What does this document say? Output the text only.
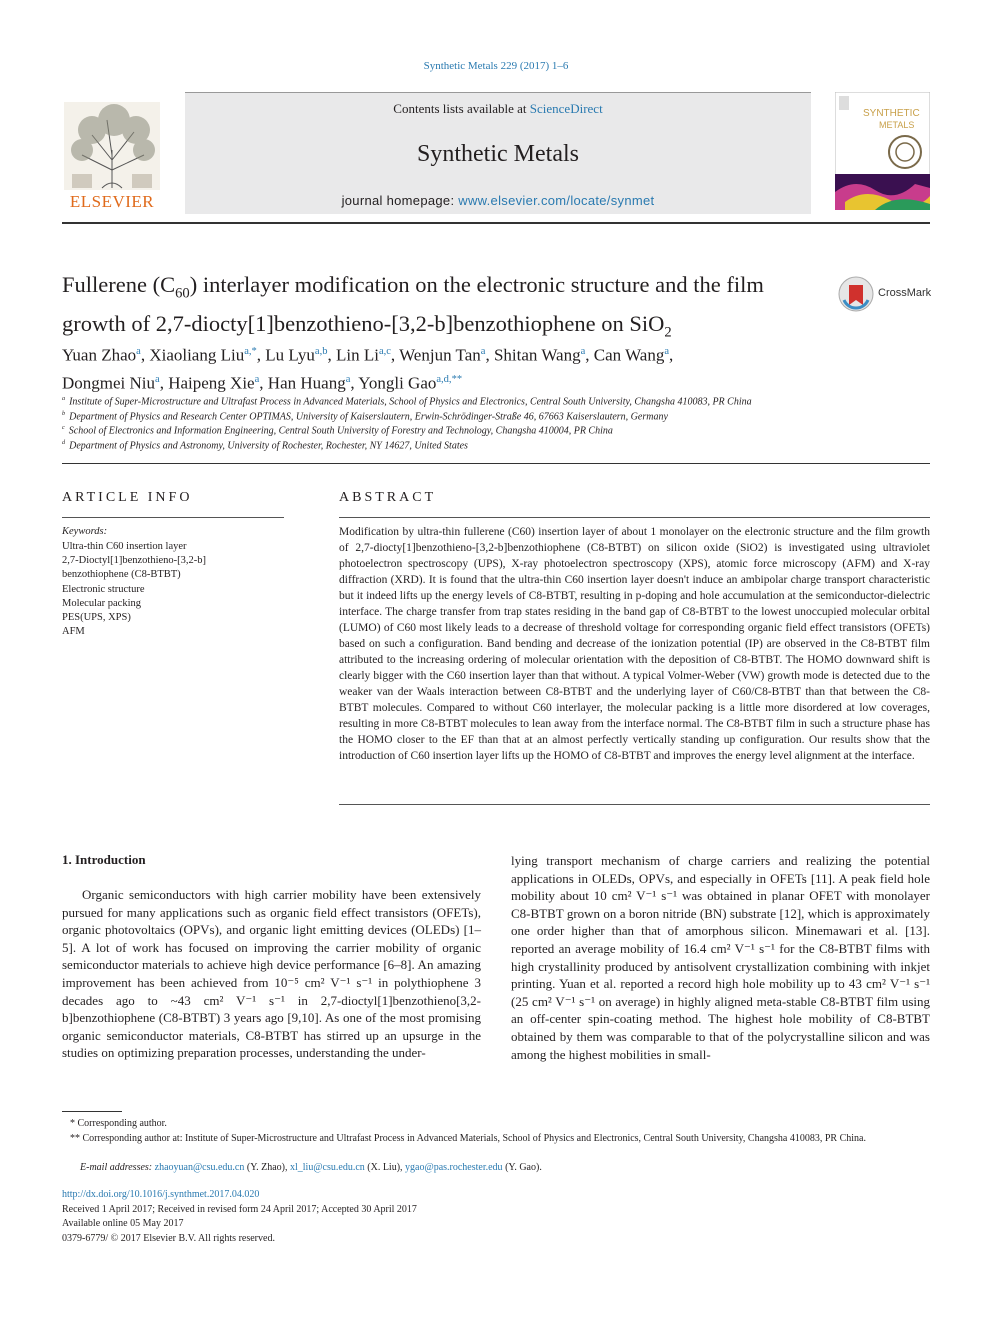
Synthetic Metals 229 (2017) 1–6
Contents lists available at ScienceDirect
Synthetic Metals
journal homepage: www.elsevier.com/locate/synmet
ELSEVIER
SYNTHETIC
METALS
Fullerene $(C_{60})$ interlayer modification on the electronic structure and the film growth of 2,7-diocty[1]benzothieno-[3,2-b]benzothiophene on SiO$_2$
CrossMark
Yuan Zhao$^a$, Xiaoliang Liu$^{a,*}$, Lu Lyu$^{a,b}$, Lin Li$^{a,c}$, Wenjun Tan$^a$, Shitan Wang$^a$, Can Wang$^a$,
Dongmei Niu$^a$, Haipeng Xie$^a$, Han Huang$^a$, Yongli Gao$^{a,d,**}$
$^a$ Institute of Super-Microstructure and Ultrafast Process in Advanced Materials, School of Physics and Electronics, Central South University, Changsha 410083, PR China
$^b$ Department of Physics and Research Center OPTIMAS, University of Kaiserslautern, Erwin-Schrödinger-Straße 46, 67663 Kaiserslautern, Germany
$^c$ School of Electronics and Information Engineering, Central South University of Forestry and Technology, Changsha 410004, PR China
$^d$ Department of Physics and Astronomy, University of Rochester, Rochester, NY 14627, United States
ARTICLE INFO
Keywords:
Ultra-thin C60 insertion layer
2,7-Dioctyl[1]benzothieno-[3,2-b]
benzothiophene (C8-BTBT)
Electronic structure
Molecular packing
PES(UPS, XPS)
AFM
ABSTRACT
Modification by ultra-thin fullerene (C60) insertion layer of about 1 monolayer on the electronic structure and the film growth of 2,7-diocty[1]benzothieno-[3,2-b]benzothiophene (C8-BTBT) on silicon oxide (SiO2) is investigated using ultraviolet photoelectron spectroscopy (UPS), X-ray photoelectron spectroscopy (XPS), atomic force microscopy (AFM) and X-ray diffraction (XRD). It is found that the ultra-thin C60 insertion layer doesn't induce an ambipolar charge transport characteristic but it indeed lifts up the energy levels of C8-BTBT, resulting in p-doping and hole accumulation at the semiconductor-dielectric interface. The charge transfer from trap states residing in the band gap of C8-BTBT to the lowest unoccupied molecular orbital (LUMO) of C60 most likely leads to a decrease of threshold voltage for corresponding organic field effect transistors (OFETs) based on such a configuration. Band bending and decrease of the ionization potential (IP) are observed in the C8-BTBT film attributed to the increasing ordering of molecular orientation with the deposition of C8-BTBT. The HOMO downward shift is clearly bigger with the C60 insertion layer than that without. A typical Volmer-Weber (VW) growth mode is detected due to the weaker van der Waals interaction between C8-BTBT and the underlying layer of C60/C8-BTBT than that between the C8-BTBT molecules. Compared to without C60 interlayer, the molecular packing is a little more disordered at low coverages, resulting in more C8-BTBT molecules to lean away from the interface normal. The C8-BTBT film in such a structure phase has the HOMO closer to the EF than that at an almost perfectly vertically standing up configuration. Our results show that the introduction of C60 insertion layer lifts up the HOMO of C8-BTBT and improves the energy level alignment at the interface.
1. Introduction
Organic semiconductors with high carrier mobility have been extensively pursued for many applications such as organic field effect transistors (OFETs), organic photovoltaics (OPVs), and organic light emitting devices (OLEDs) [1–5]. A lot of work has focused on improving the carrier mobility of organic semiconductor materials to achieve high device performance [6–8]. An amazing improvement has been achieved from 10⁻⁵ cm² V⁻¹ s⁻¹ in polythiophene 3 decades ago to ~43 cm² V⁻¹ s⁻¹ in 2,7-dioctyl[1]benzothieno[3,2-b]benzothiophene (C8-BTBT) 3 years ago [9,10]. As one of the most promising organic semiconductor materials, C8-BTBT has stirred up an upsurge in the studies on optimizing preparation processes, understanding the under-
lying transport mechanism of charge carriers and realizing the potential applications in OLEDs, OPVs, and especially in OFETs [11]. A peak field hole mobility about 10 cm² V⁻¹ s⁻¹ was obtained in planar OFET with monolayer C8-BTBT grown on a boron nitride (BN) substrate [12], which is approximately one order higher than that of amorphous silicon. Minemawari et al. [13]. reported an average mobility of 16.4 cm² V⁻¹ s⁻¹ for the C8-BTBT films with high crystallinity produced by antisolvent crystallization combining with inkjet printing. Yuan et al. reported a record high hole mobility up to 43 cm² V⁻¹ s⁻¹ (25 cm² V⁻¹ s⁻¹ on average) in highly aligned meta-stable C8-BTBT film using an off-center spin-coating method. The highest hole mobility of C8-BTBT obtained by them was comparable to that of the polycrystalline silicon and was among the highest mobilities in small-
* Corresponding author.
** Corresponding author at: Institute of Super-Microstructure and Ultrafast Process in Advanced Materials, School of Physics and Electronics, Central South University, Changsha 410083, PR China.
E-mail addresses: zhaoyuan@csu.edu.cn (Y. Zhao), xl_liu@csu.edu.cn (X. Liu), ygao@pas.rochester.edu (Y. Gao).
http://dx.doi.org/10.1016/j.synthmet.2017.04.020
Received 1 April 2017; Received in revised form 24 April 2017; Accepted 30 April 2017
Available online 05 May 2017
0379-6779/ © 2017 Elsevier B.V. All rights reserved.
